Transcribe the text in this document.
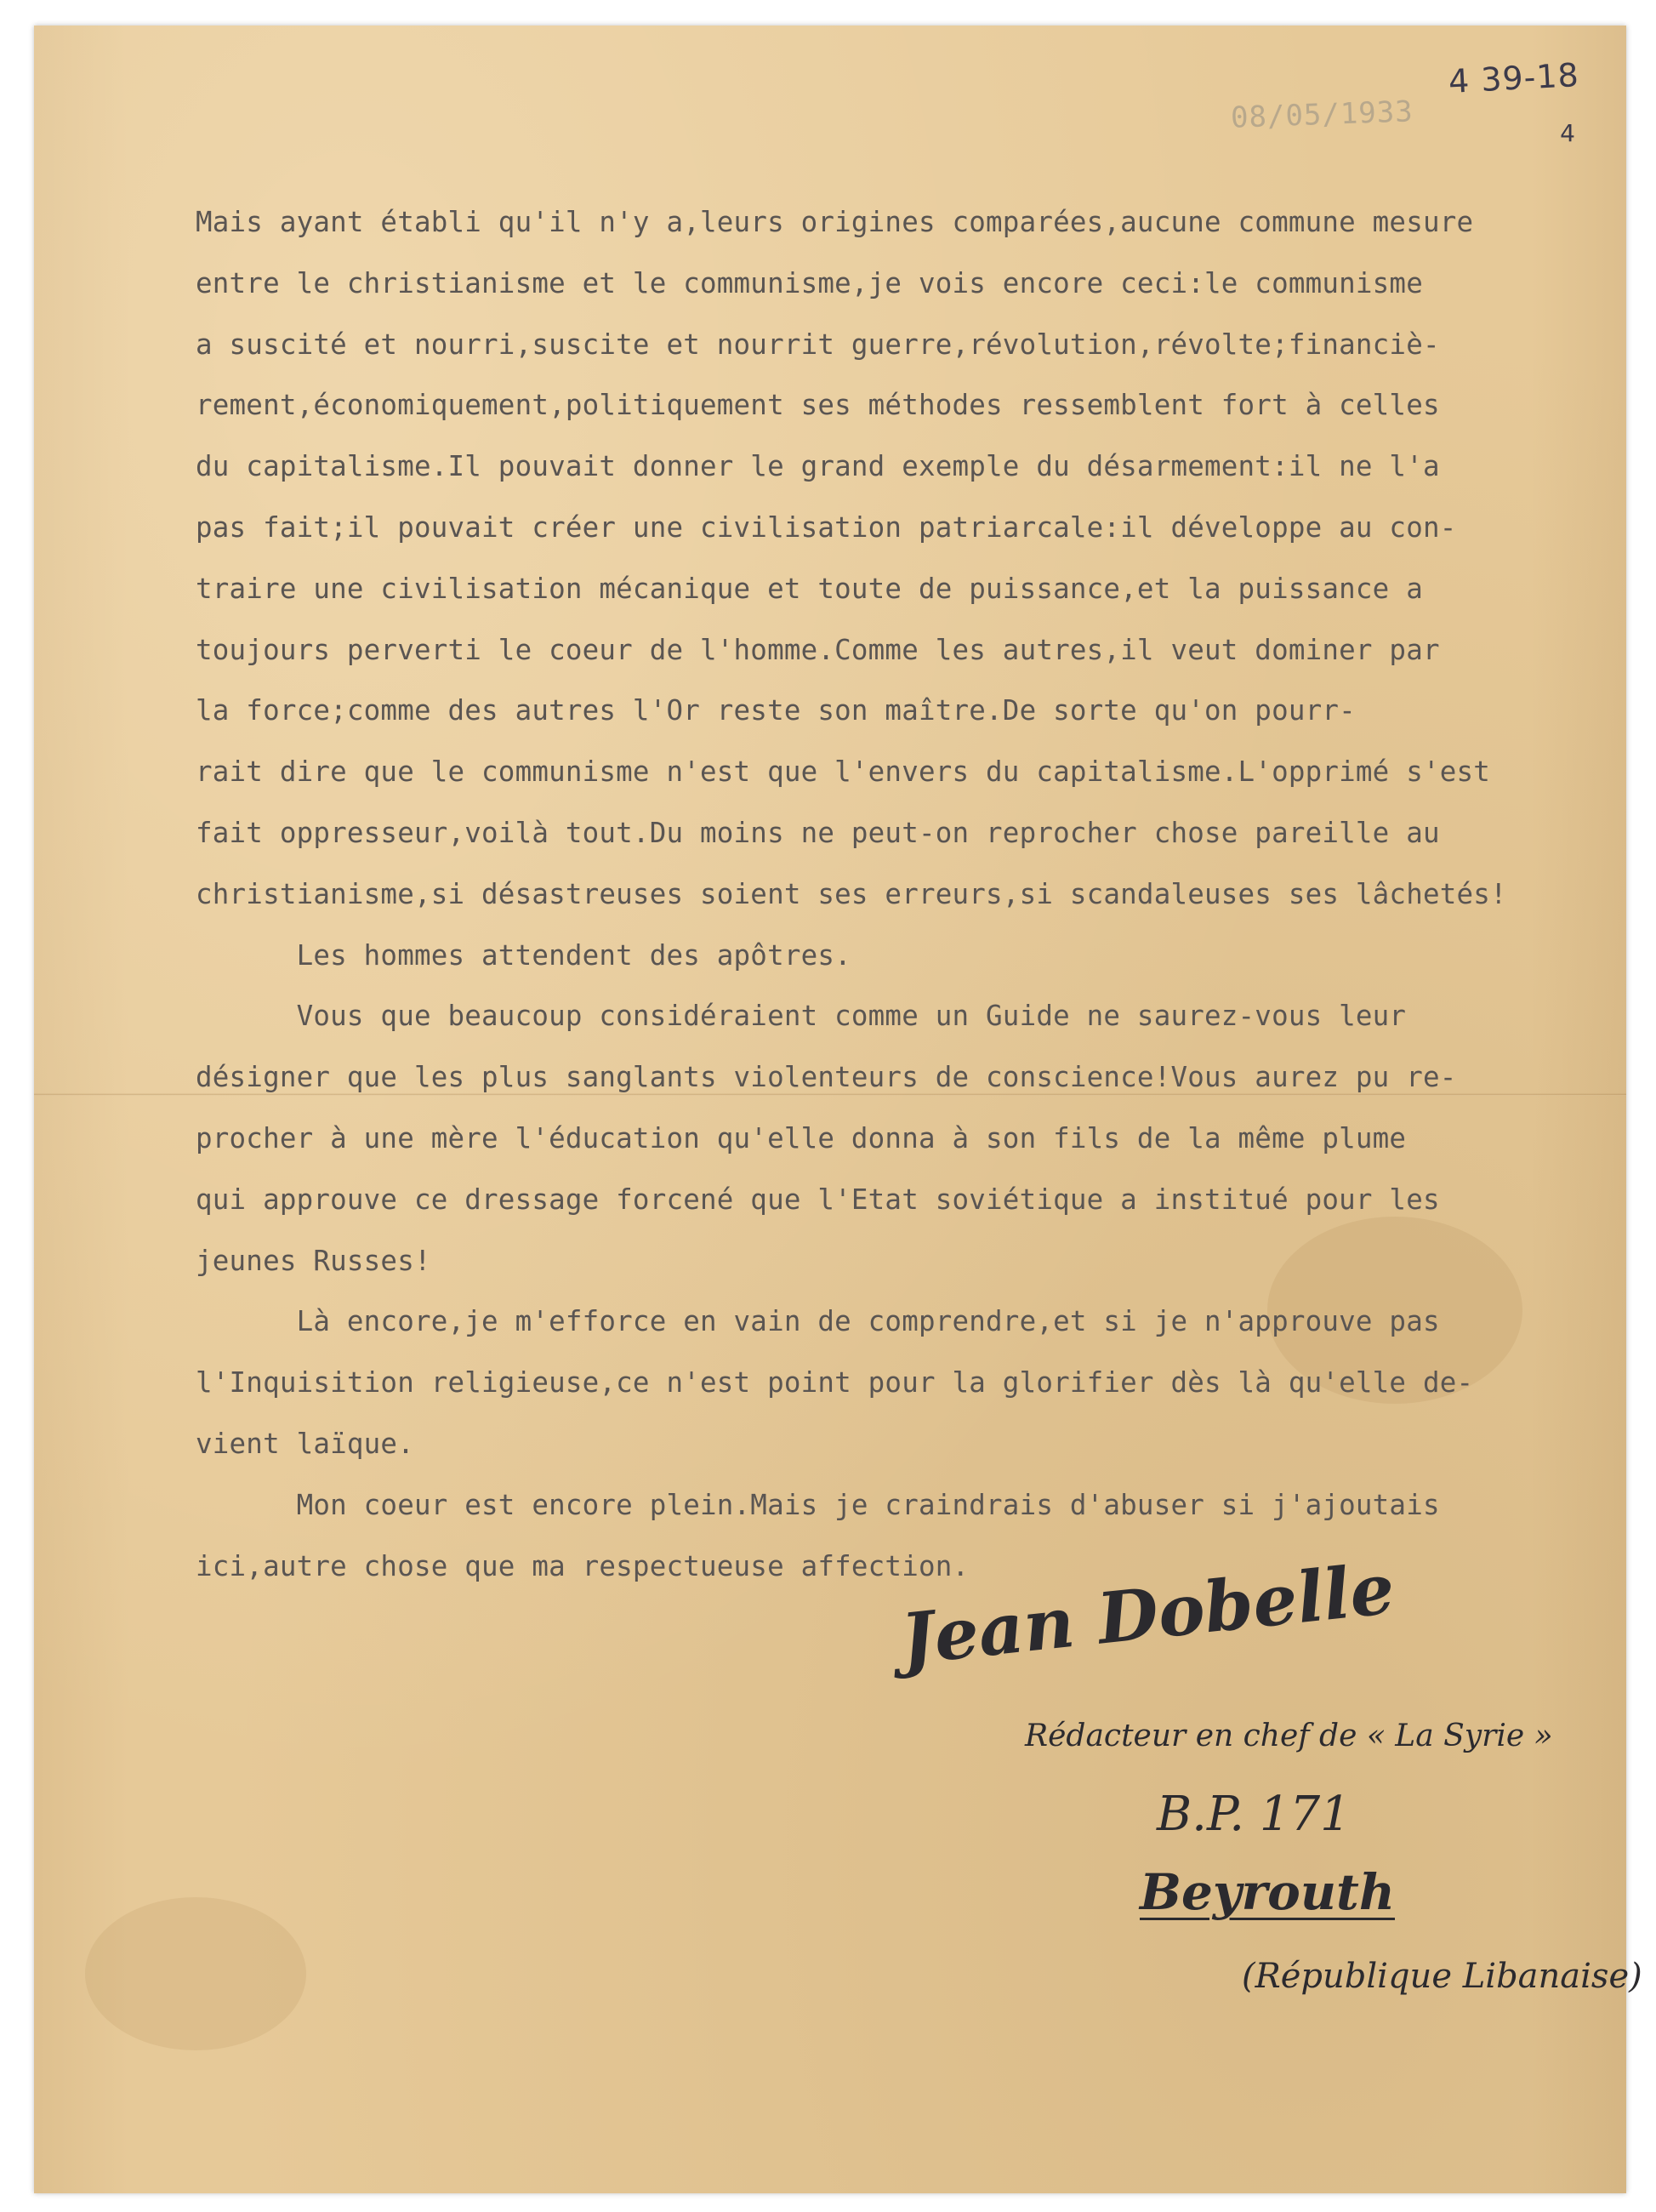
08/05/1933
4 39-18
4
Mais ayant établi qu'il n'y a,leurs origines comparées,aucune commune mesure
entre le christianisme et le communisme,je vois encore ceci:le communisme
a suscité et nourri,suscite et nourrit guerre,révolution,révolte;financiè-
rement,économiquement,politiquement ses méthodes ressemblent fort à celles
du capitalisme.Il pouvait donner le grand exemple du désarmement:il ne l'a
pas fait;il pouvait créer une civilisation patriarcale:il développe au con-
traire une civilisation mécanique et toute de puissance,et la puissance a
toujours perverti le coeur de l'homme.Comme les autres,il veut dominer par
la force;comme des autres l'Or reste son maître.De sorte qu'on pourr-
rait dire que le communisme n'est que l'envers du capitalisme.L'opprimé s'est
fait oppresseur,voilà tout.Du moins ne peut-on reprocher chose pareille au
christianisme,si désastreuses soient ses erreurs,si scandaleuses ses lâchetés!
Les hommes attendent des apôtres.
Vous que beaucoup considéraient comme un Guide ne saurez-vous leur
désigner que les plus sanglants violenteurs de conscience!Vous aurez pu re-
procher à une mère l'éducation qu'elle donna à son fils de la même plume
qui approuve ce dressage forcené que l'Etat soviétique a institué pour les
jeunes Russes!
Là encore,je m'efforce en vain de comprendre,et si je n'approuve pas
l'Inquisition religieuse,ce n'est point pour la glorifier dès là qu'elle de-
vient laïque.
Mon coeur est encore plein.Mais je craindrais d'abuser si j'ajoutais
ici,autre chose que ma respectueuse affection.
Jean Dobelle
Rédacteur en chef de « La Syrie »
B.P. 171
Beyrouth
(République Libanaise)
